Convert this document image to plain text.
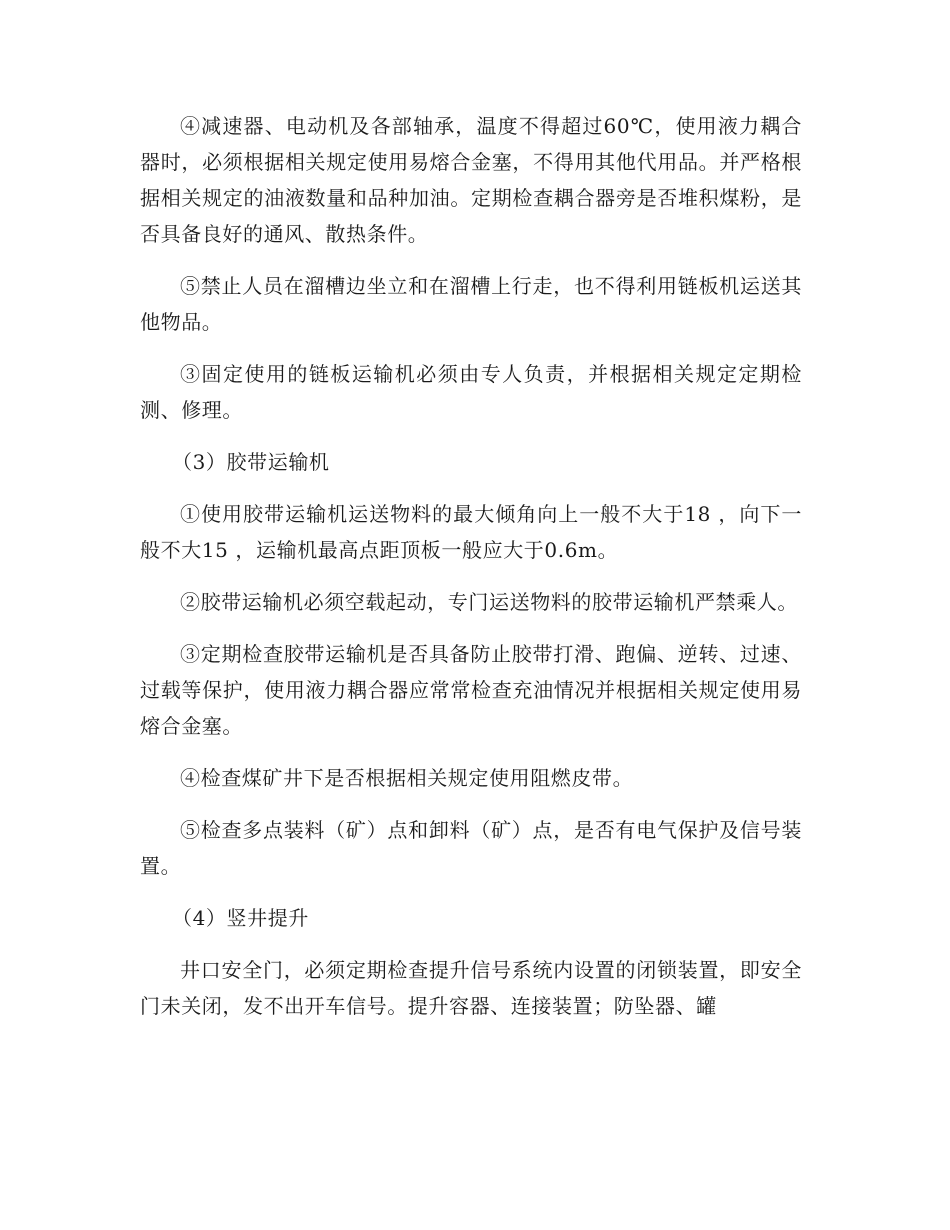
④减速器、电动机及各部轴承，温度不得超过60℃，使用液力耦合器时，必须根据相关规定使用易熔合金塞，不得用其他代用品。并严格根据相关规定的油液数量和品种加油。定期检查耦合器旁是否堆积煤粉，是否具备良好的通风、散热条件。

⑤禁止人员在溜槽边坐立和在溜槽上行走，也不得利用链板机运送其他物品。

③固定使用的链板运输机必须由专人负责，并根据相关规定定期检测、修理。

（3）胶带运输机

①使用胶带运输机运送物料的最大倾角向上一般不大于18 ，向下一般不大15 ，运输机最高点距顶板一般应大于0.6m。

②胶带运输机必须空载起动，专门运送物料的胶带运输机严禁乘人。

③定期检查胶带运输机是否具备防止胶带打滑、跑偏、逆转、过速、过载等保护，使用液力耦合器应常常检查充油情况并根据相关规定使用易熔合金塞。

④检查煤矿井下是否根据相关规定使用阻燃皮带。

⑤检查多点装料（矿）点和卸料（矿）点，是否有电气保护及信号装置。

（4）竖井提升

井口安全门，必须定期检查提升信号系统内设置的闭锁装置，即安全门未关闭，发不出开车信号。提升容器、连接装置；防坠器、罐
